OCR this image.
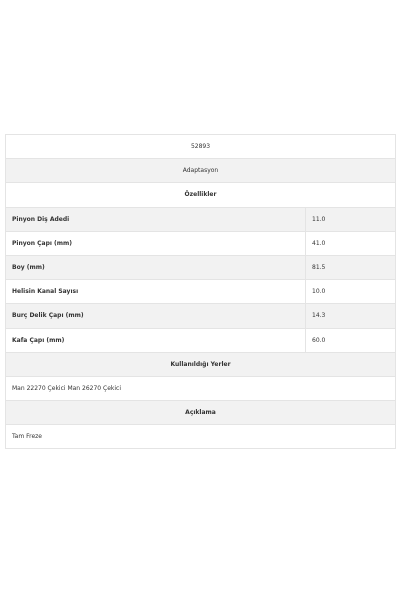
52893	
Adaptasyon	
Özellikler	
Pinyon Diş Adedi	11.0
Pinyon Çapı (mm)	41.0
Boy (mm)	81.5
Helisin Kanal Sayısı	10.0
Burç Delik Çapı (mm)	14.3
Kafa Çapı (mm)	60.0
Kullanıldığı Yerler	
Man 22270 Çekici Man 26270 Çekici	
Açıklama	
Tam Freze	
